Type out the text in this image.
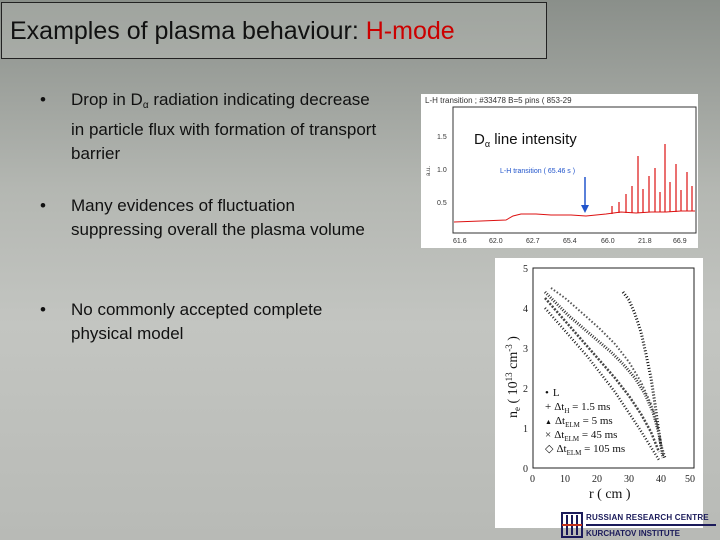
Examples of plasma behaviour: H-mode
• Drop in $D_\alpha$ radiation indicating decrease in particle flux with formation of transport barrier
• Many evidences of fluctuation suppressing overall the plasma volume
• No commonly accepted complete physical model
L-H transition ; #33478 B=5 pins ( 853-29
1.5
1.0
0.5
a.u.
61.6	62.0	62.7	65.4	66.0	21.8	66.9
$D_\alpha$ line intensity
L-H transition ( 65.46 s )
5
4
3
2
1
0
0	10 20 30 40 50
r ( cm )
$n_e$ ( $10^{13}$ $cm^{-3}$ )
• L
+ $\Delta t_H = 1.5$ ms
▲ $\Delta t_{ELM} = 5$ ms
× $\Delta t_{ELM} = 45$ ms
◇ $\Delta t_{ELM} = 105$ ms
RUSSIAN RESEARCH CENTRE
KURCHATOV INSTITUTE
